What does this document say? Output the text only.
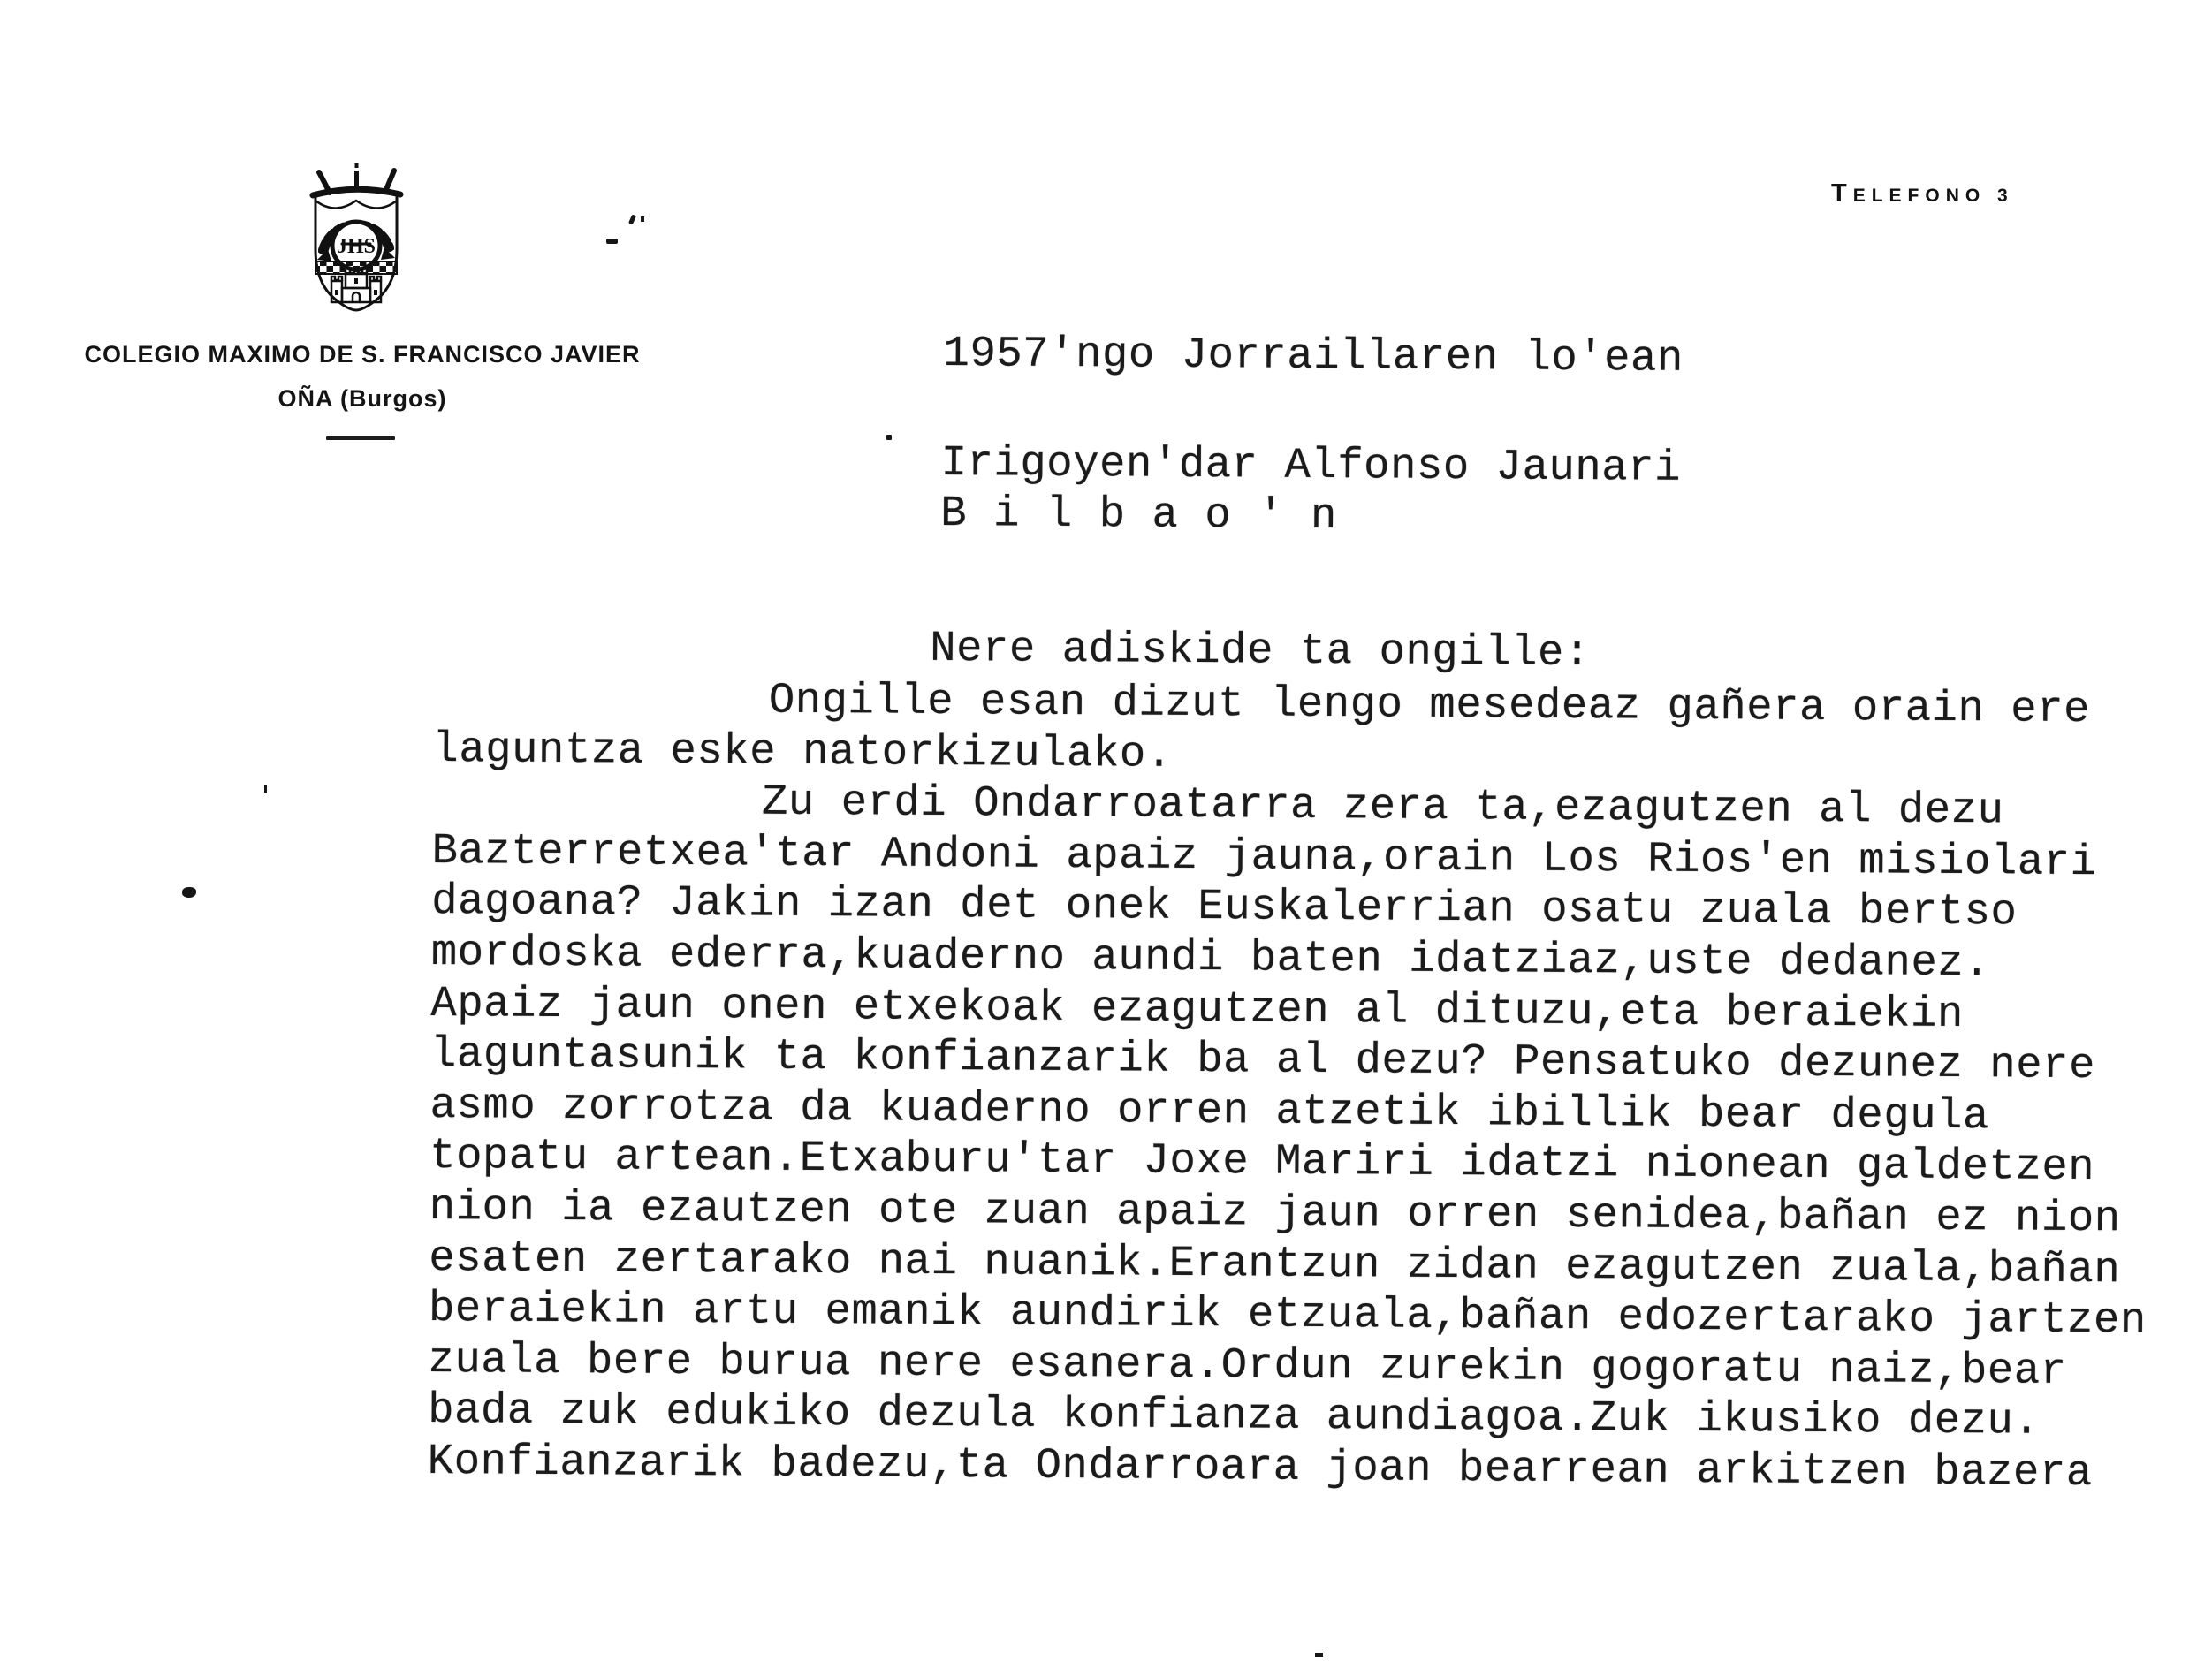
JHS
COLEGIO MAXIMO DE S. FRANCISCO JAVIER
OÑA (Burgos)
TELEFONO 3
1957'ngo Jorraillaren lo'ean
Irigoyen'dar Alfonso Jaunari
B i l b a o ' n
Nere adiskide ta ongille:
Ongille esan dizut lengo mesedeaz gañera orain ere
laguntza eske natorkizulako.
Zu erdi Ondarroatarra zera ta,ezagutzen al dezu
Bazterretxea'tar Andoni apaiz jauna,orain Los Rios'en misiolari
dagoana? Jakin izan det onek Euskalerrian osatu zuala bertso
mordoska ederra,kuaderno aundi baten idatziaz,uste dedanez.
Apaiz jaun onen etxekoak ezagutzen al dituzu,eta beraiekin
laguntasunik ta konfianzarik ba al dezu? Pensatuko dezunez nere
asmo zorrotza da kuaderno orren atzetik ibillik bear degula
topatu artean.Etxaburu'tar Joxe Mariri idatzi nionean galdetzen
nion ia ezautzen ote zuan apaiz jaun orren senidea,bañan ez nion
esaten zertarako nai nuanik.Erantzun zidan ezagutzen zuala,bañan
beraiekin artu emanik aundirik etzuala,bañan edozertarako jartzen
zuala bere burua nere esanera.Ordun zurekin gogoratu naiz,bear
bada zuk edukiko dezula konfianza aundiagoa.Zuk ikusiko dezu.
Konfianzarik badezu,ta Ondarroara joan bearrean arkitzen bazera
